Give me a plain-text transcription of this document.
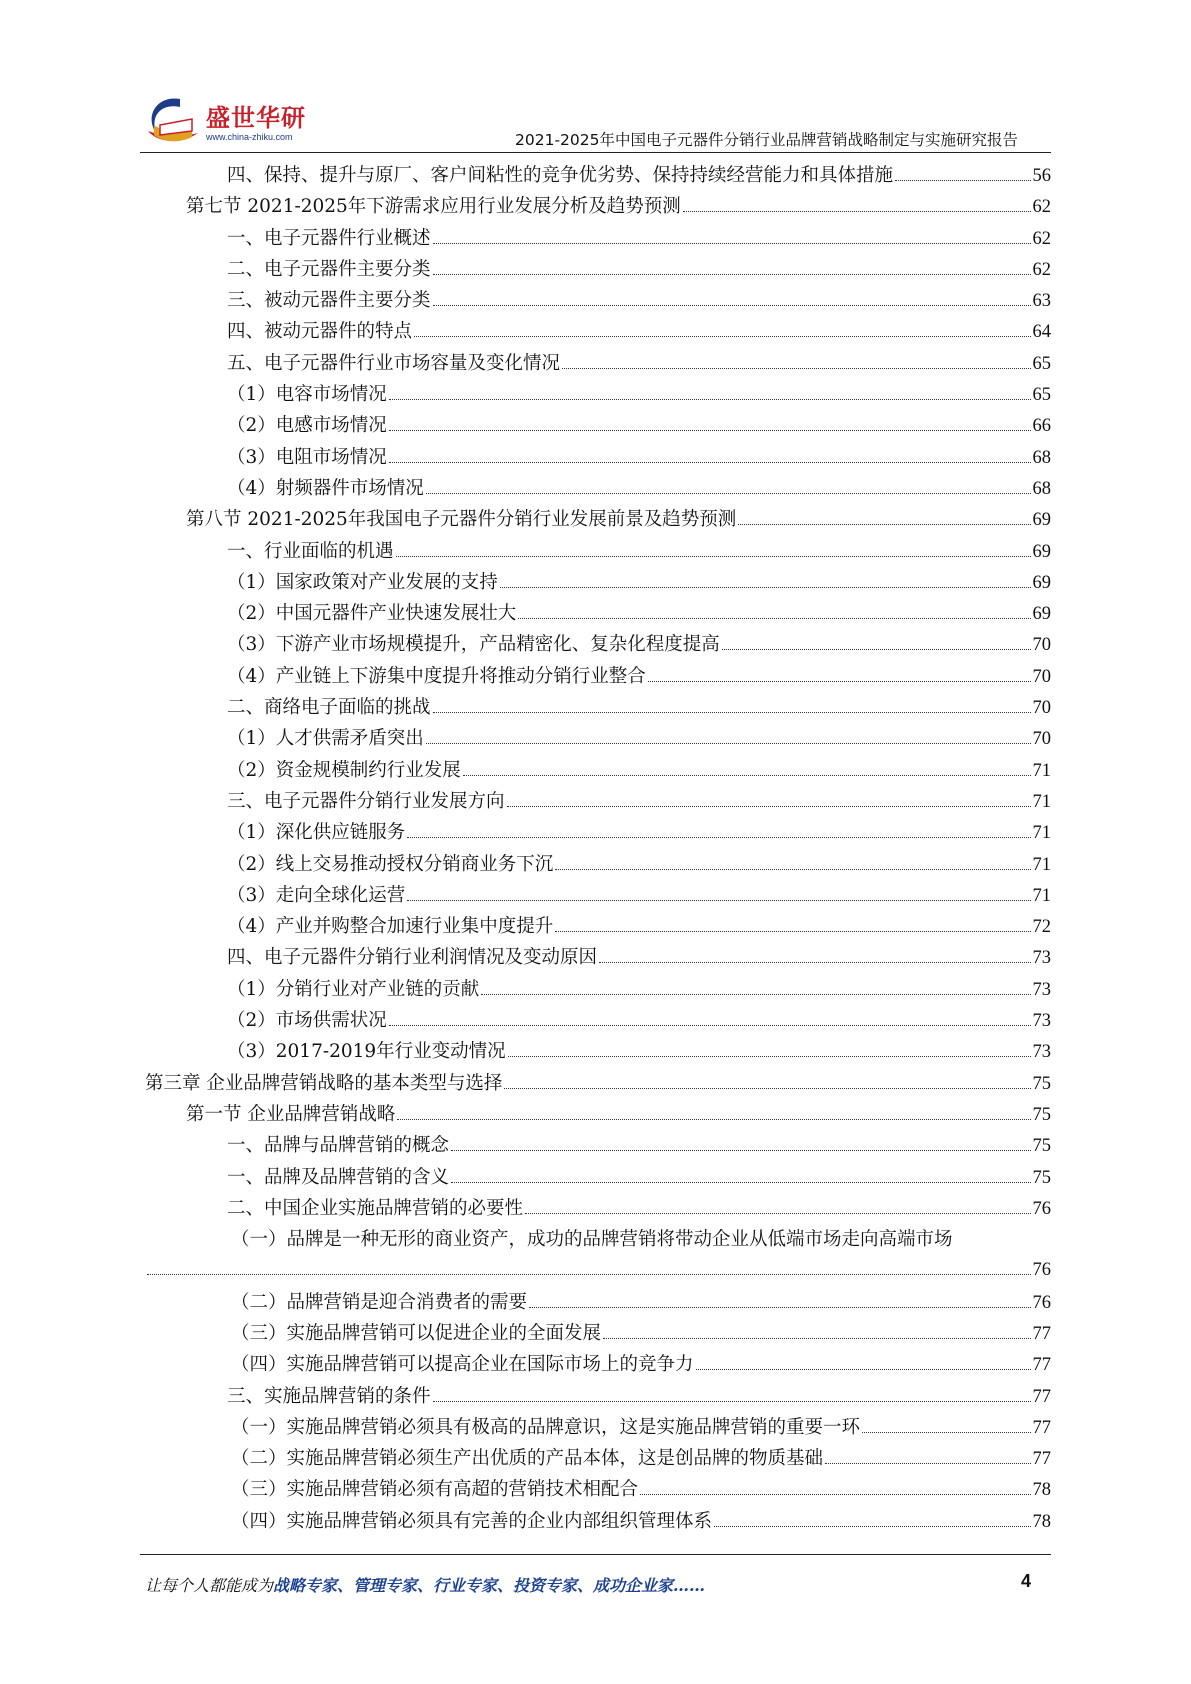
盛世华研
www.china-zhiku.com	2021-2025年中国电子元器件分销行业品牌营销战略制定与实施研究报告
四、保持、提升与原厂、客户间粘性的竞争优劣势、保持持续经营能力和具体措施	56
第七节 2021-2025年下游需求应用行业发展分析及趋势预测	62
一、电子元器件行业概述	62
二、电子元器件主要分类	62
三、被动元器件主要分类	63
四、被动元器件的特点	64
五、电子元器件行业市场容量及变化情况	65
（1）电容市场情况	65
（2）电感市场情况	66
（3）电阻市场情况	68
（4）射频器件市场情况	68
第八节 2021-2025年我国电子元器件分销行业发展前景及趋势预测	69
一、行业面临的机遇	69
（1）国家政策对产业发展的支持	69
（2）中国元器件产业快速发展壮大	69
（3）下游产业市场规模提升，产品精密化、复杂化程度提高	70
（4）产业链上下游集中度提升将推动分销行业整合	70
二、商络电子面临的挑战	70
（1）人才供需矛盾突出	70
（2）资金规模制约行业发展	71
三、电子元器件分销行业发展方向	71
（1）深化供应链服务	71
（2）线上交易推动授权分销商业务下沉	71
（3）走向全球化运营	71
（4）产业并购整合加速行业集中度提升	72
四、电子元器件分销行业利润情况及变动原因	73
（1）分销行业对产业链的贡献	73
（2）市场供需状况	73
（3）2017-2019年行业变动情况	73
第三章 企业品牌营销战略的基本类型与选择	75
第一节 企业品牌营销战略	75
一、品牌与品牌营销的概念	75
一、品牌及品牌营销的含义	75
二、中国企业实施品牌营销的必要性	76
（一）品牌是一种无形的商业资产，成功的品牌营销将带动企业从低端市场走向高端市场
76
（二）品牌营销是迎合消费者的需要	76
（三）实施品牌营销可以促进企业的全面发展	77
（四）实施品牌营销可以提高企业在国际市场上的竞争力	77
三、实施品牌营销的条件	77
（一）实施品牌营销必须具有极高的品牌意识，这是实施品牌营销的重要一环	77
（二）实施品牌营销必须生产出优质的产品本体，这是创品牌的物质基础	77
（三）实施品牌营销必须有高超的营销技术相配合	78
（四）实施品牌营销必须具有完善的企业内部组织管理体系	78
让每个人都能成为战略专家、管理专家、行业专家、投资专家、成功企业家……	4
